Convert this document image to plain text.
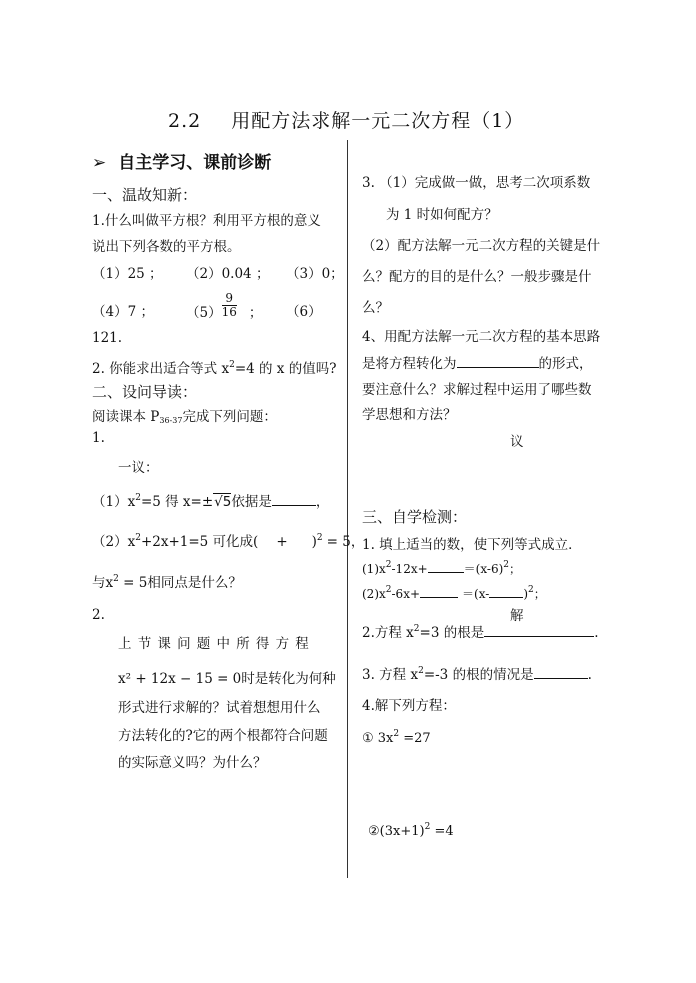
2.2 用配方法求解一元二次方程（1）
➢ 自主学习、课前诊断
一、温故知新：
1.什么叫做平方根？利用平方根的意义
说出下列各数的平方根。
（1）25 ； （2）0.04 ； （3）0；
（4）7 ； $(5) \frac{9}{16}$ ； （6）
121.
2. 你能求出适合等式 $x^2=4$ 的 x 的值吗?
二、设问导读：
阅读课本 $P_{36-37}$完成下列问题：
1.
一议：
$(1)x^2=5$ 得 x=±√5依据是	，
$(2)x^2+2x+1=5$ 可化成( + )$^2$ = 5，
与$x^2 = 5$相同点是什么？
2.
上节课问题中所得方程
x² + 12x − 15 = 0时是转化为何种
形式进行求解的？试着想想用什么
方法转化的?它的两个根都符合问题
的实际意义吗？为什么？
3. （1）完成做一做，思考二次项系数
为 1 时如何配方？
（2）配方法解一元二次方程的关键是什
么？配方的目的是什么？一般步骤是什
么？
4、用配方法解一元二次方程的基本思路
是将方程转化为	的形式，
要注意什么？求解过程中运用了哪些数
学思想和方法？
议
三、自学检测：
1. 填上适当的数，使下列等式成立．
$(1)x^2-12x+$	$=(x-6)^2$；
$(2)x^2-6x+$	＝(x-	)$^2$；
解
2.方程 $x^2=3$ 的根是	.
3. 方程 $x^2=-3$ 的根的情况是	.
4.解下列方程：
① $3x^2 =27$
$②(3x+1)^2 =4$
